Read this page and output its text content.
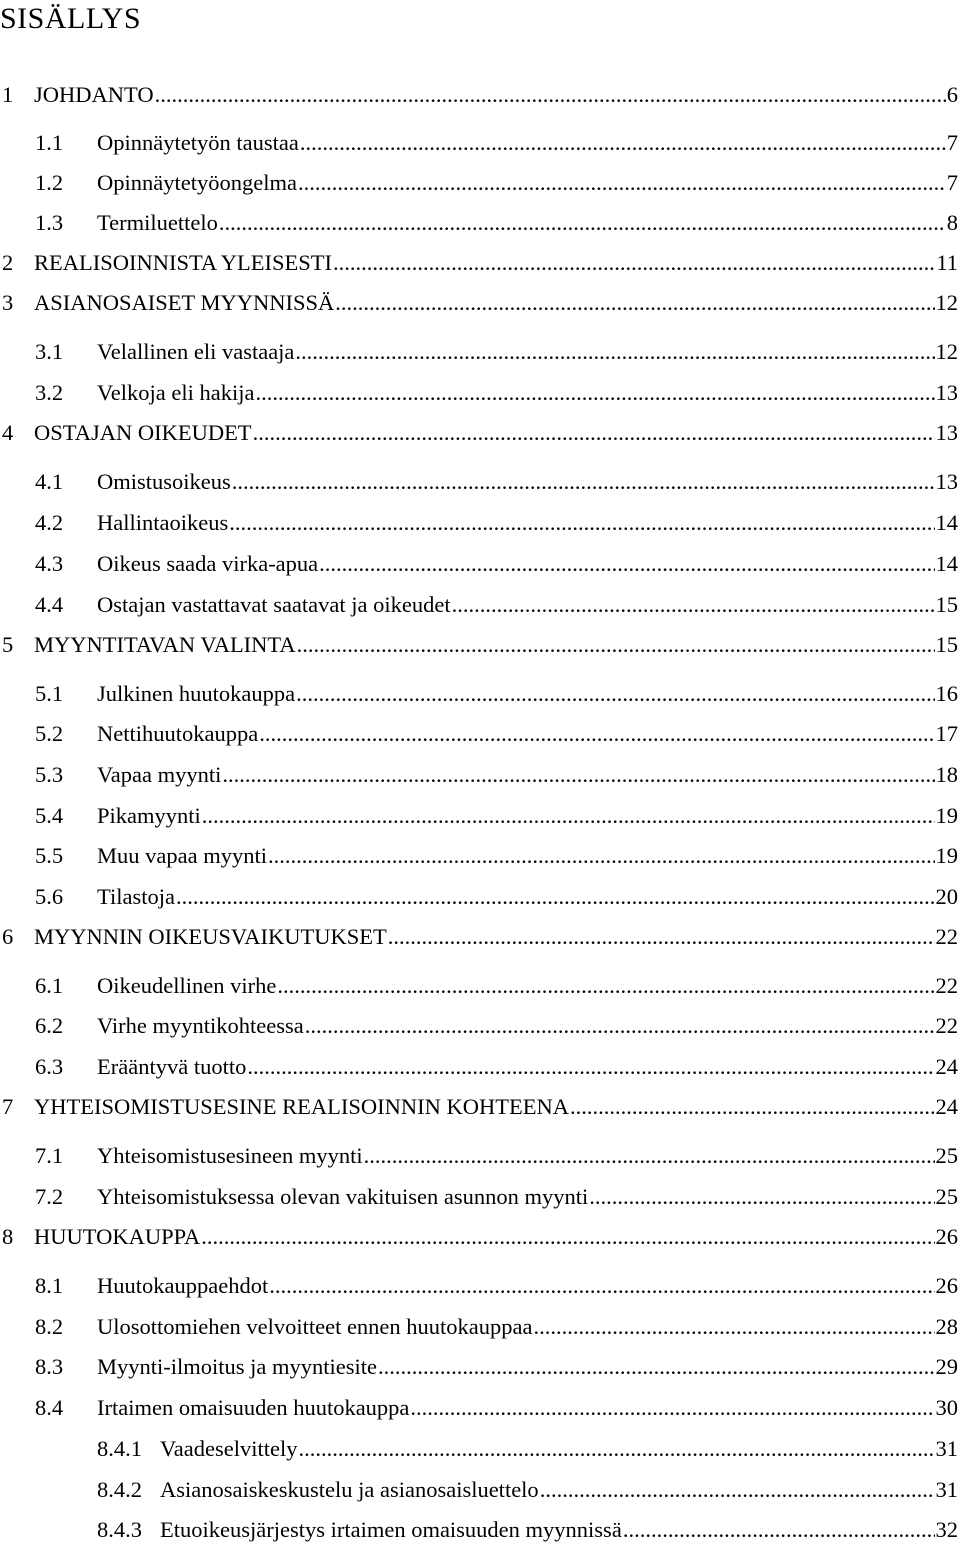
SISÄLLYS
1 JOHDANTO .....	6
1.1 Opinnäytetyön taustaa .....	7
1.2 Opinnäytetyöongelma .....	7
1.3 Termiluettelo .....	8
2 REALISOINNISTA YLEISESTI .....	11
3 ASIANOSAISET MYYNNISSÄ .....	12
3.1 Velallinen eli vastaaja .....	12
3.2 Velkoja eli hakija .....	13
4 OSTAJAN OIKEUDET .....	13
4.1 Omistusoikeus .....	13
4.2 Hallintaoikeus .....	14
4.3 Oikeus saada virka-apua .....	14
4.4 Ostajan vastattavat saatavat ja oikeudet .....	15
5 MYYNTITAVAN VALINTA .....	15
5.1 Julkinen huutokauppa .....	16
5.2 Nettihuutokauppa .....	17
5.3 Vapaa myynti .....	18
5.4 Pikamyynti .....	19
5.5 Muu vapaa myynti .....	19
5.6 Tilastoja .....	20
6 MYYNNIN OIKEUSVAIKUTUKSET .....	22
6.1 Oikeudellinen virhe .....	22
6.2 Virhe myyntikohteessa .....	22
6.3 Erääntyvä tuotto .....	24
7 YHTEISOMISTUSESINE REALISOINNIN KOHTEENA .....	24
7.1 Yhteisomistusesineen myynti .....	25
7.2 Yhteisomistuksessa olevan vakituisen asunnon myynti .....	25
8 HUUTOKAUPPA .....	26
8.1 Huutokauppaehdot .....	26
8.2 Ulosottomiehen velvoitteet ennen huutokauppaa .....	28
8.3 Myynti-ilmoitus ja myyntiesite .....	29
8.4 Irtaimen omaisuuden huutokauppa .....	30
8.4.1 Vaadeselvittely .....	31
8.4.2 Asianosaiskeskustelu ja asianosaisluettelo .....	31
8.4.3 Etuoikeusjärjestys irtaimen omaisuuden myynnissä .....	32
